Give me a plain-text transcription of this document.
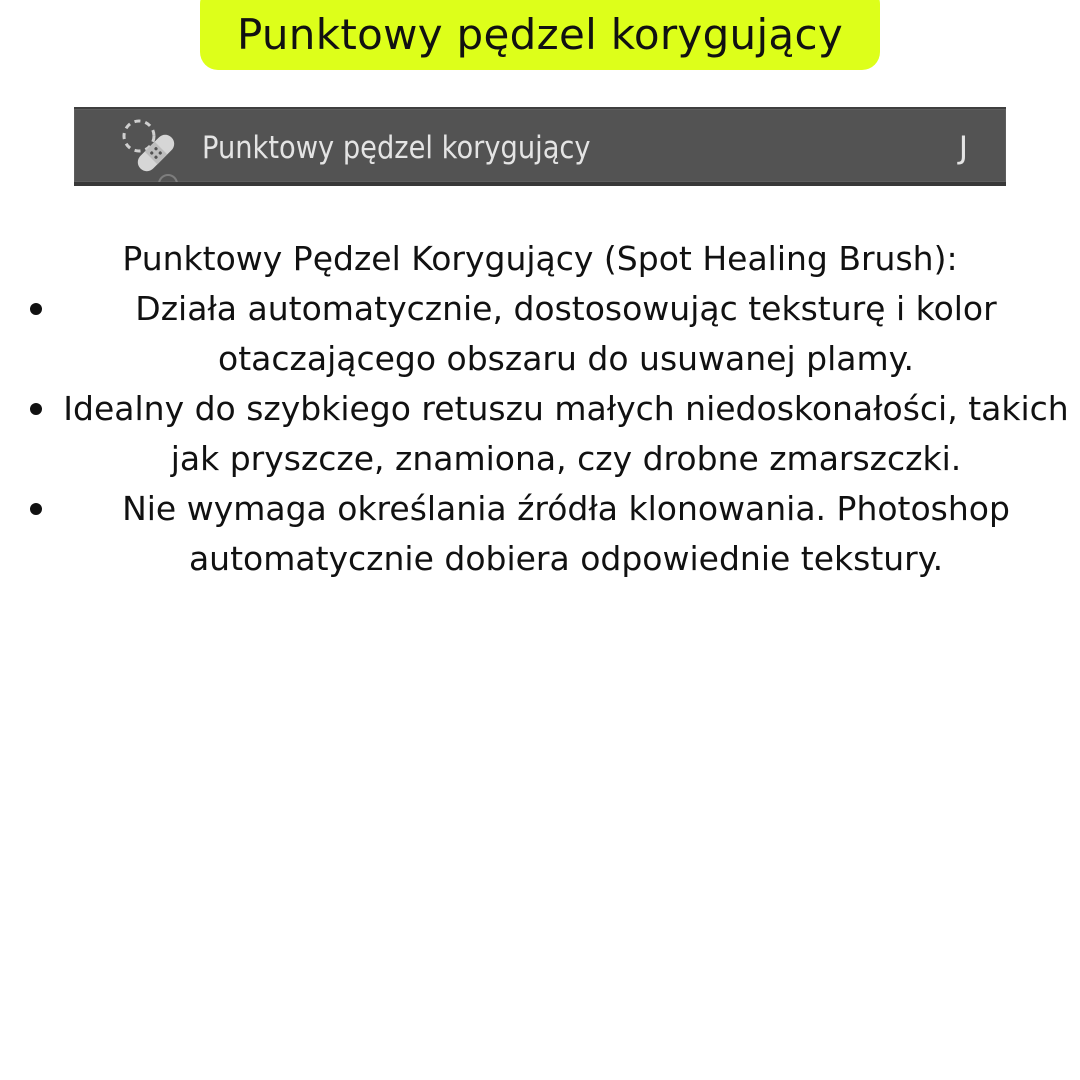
Punktowy pędzel korygujący
Punktowy pędzel korygujący	J
Punktowy Pędzel Korygujący (Spot Healing Brush):
Działa automatycznie, dostosowując teksturę i kolor otaczającego obszaru do usuwanej plamy.
Idealny do szybkiego retuszu małych niedoskonałości, takich jak pryszcze, znamiona, czy drobne zmarszczki.
Nie wymaga określania źródła klonowania. Photoshop automatycznie dobiera odpowiednie tekstury.
